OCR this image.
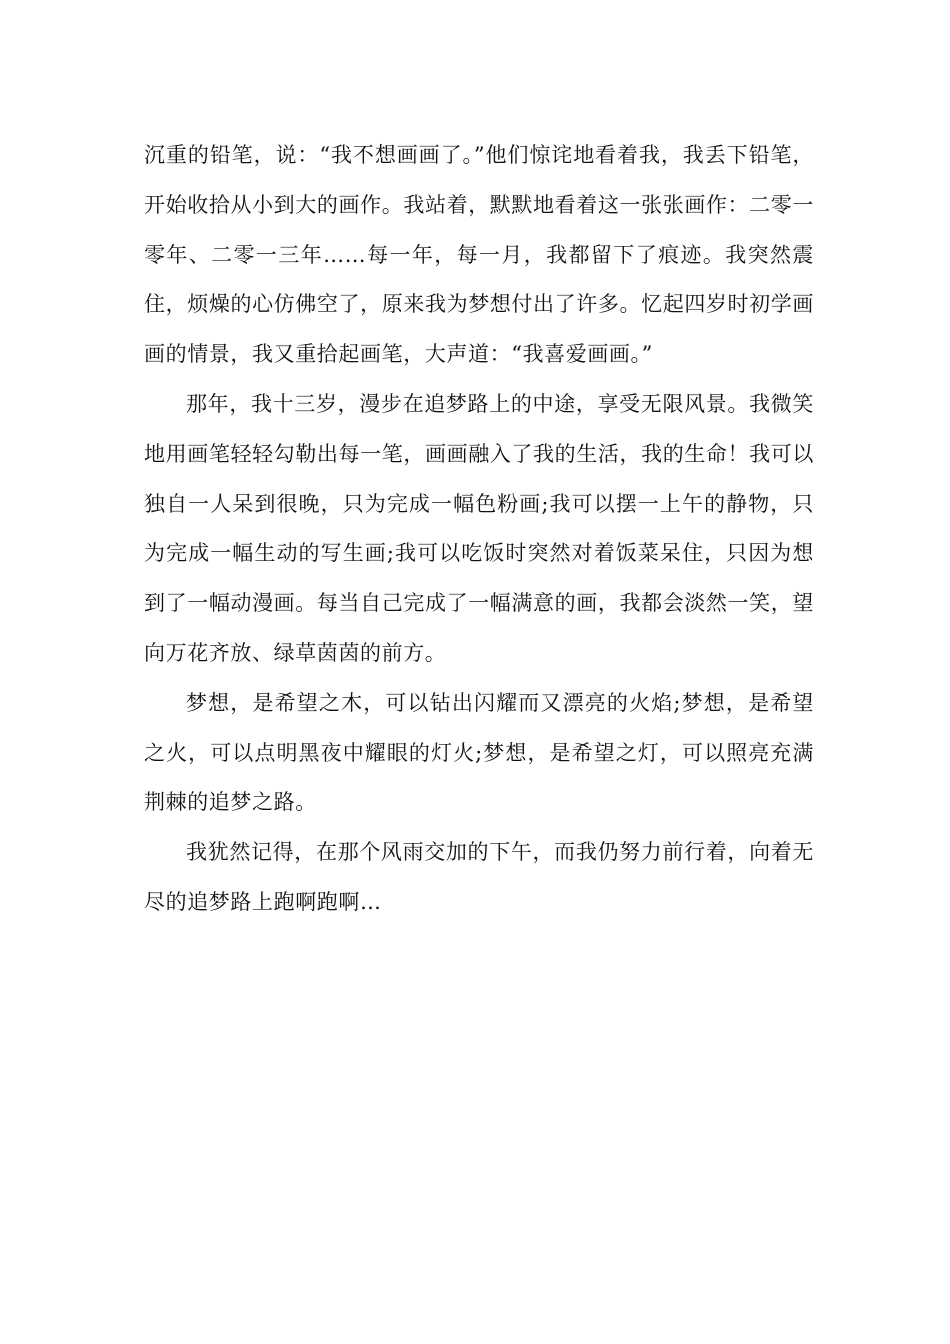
沉重的铅笔，说：“我不想画画了。”他们惊诧地看着我，我丢下铅笔，开始收拾从小到大的画作。我站着，默默地看着这一张张画作：二零一零年、二零一三年……每一年，每一月，我都留下了痕迹。我突然震住，烦燥的心仿佛空了，原来我为梦想付出了许多。忆起四岁时初学画画的情景，我又重拾起画笔，大声道：“我喜爱画画。”

那年，我十三岁，漫步在追梦路上的中途，享受无限风景。我微笑地用画笔轻轻勾勒出每一笔，画画融入了我的生活，我的生命！我可以独自一人呆到很晚，只为完成一幅色粉画;我可以摆一上午的静物，只为完成一幅生动的写生画;我可以吃饭时突然对着饭菜呆住，只因为想到了一幅动漫画。每当自己完成了一幅满意的画，我都会淡然一笑，望向万花齐放、绿草茵茵的前方。

梦想，是希望之木，可以钻出闪耀而又漂亮的火焰;梦想，是希望之火，可以点明黑夜中耀眼的灯火;梦想，是希望之灯，可以照亮充满荆棘的追梦之路。

我犹然记得，在那个风雨交加的下午，而我仍努力前行着，向着无尽的追梦路上跑啊跑啊…
